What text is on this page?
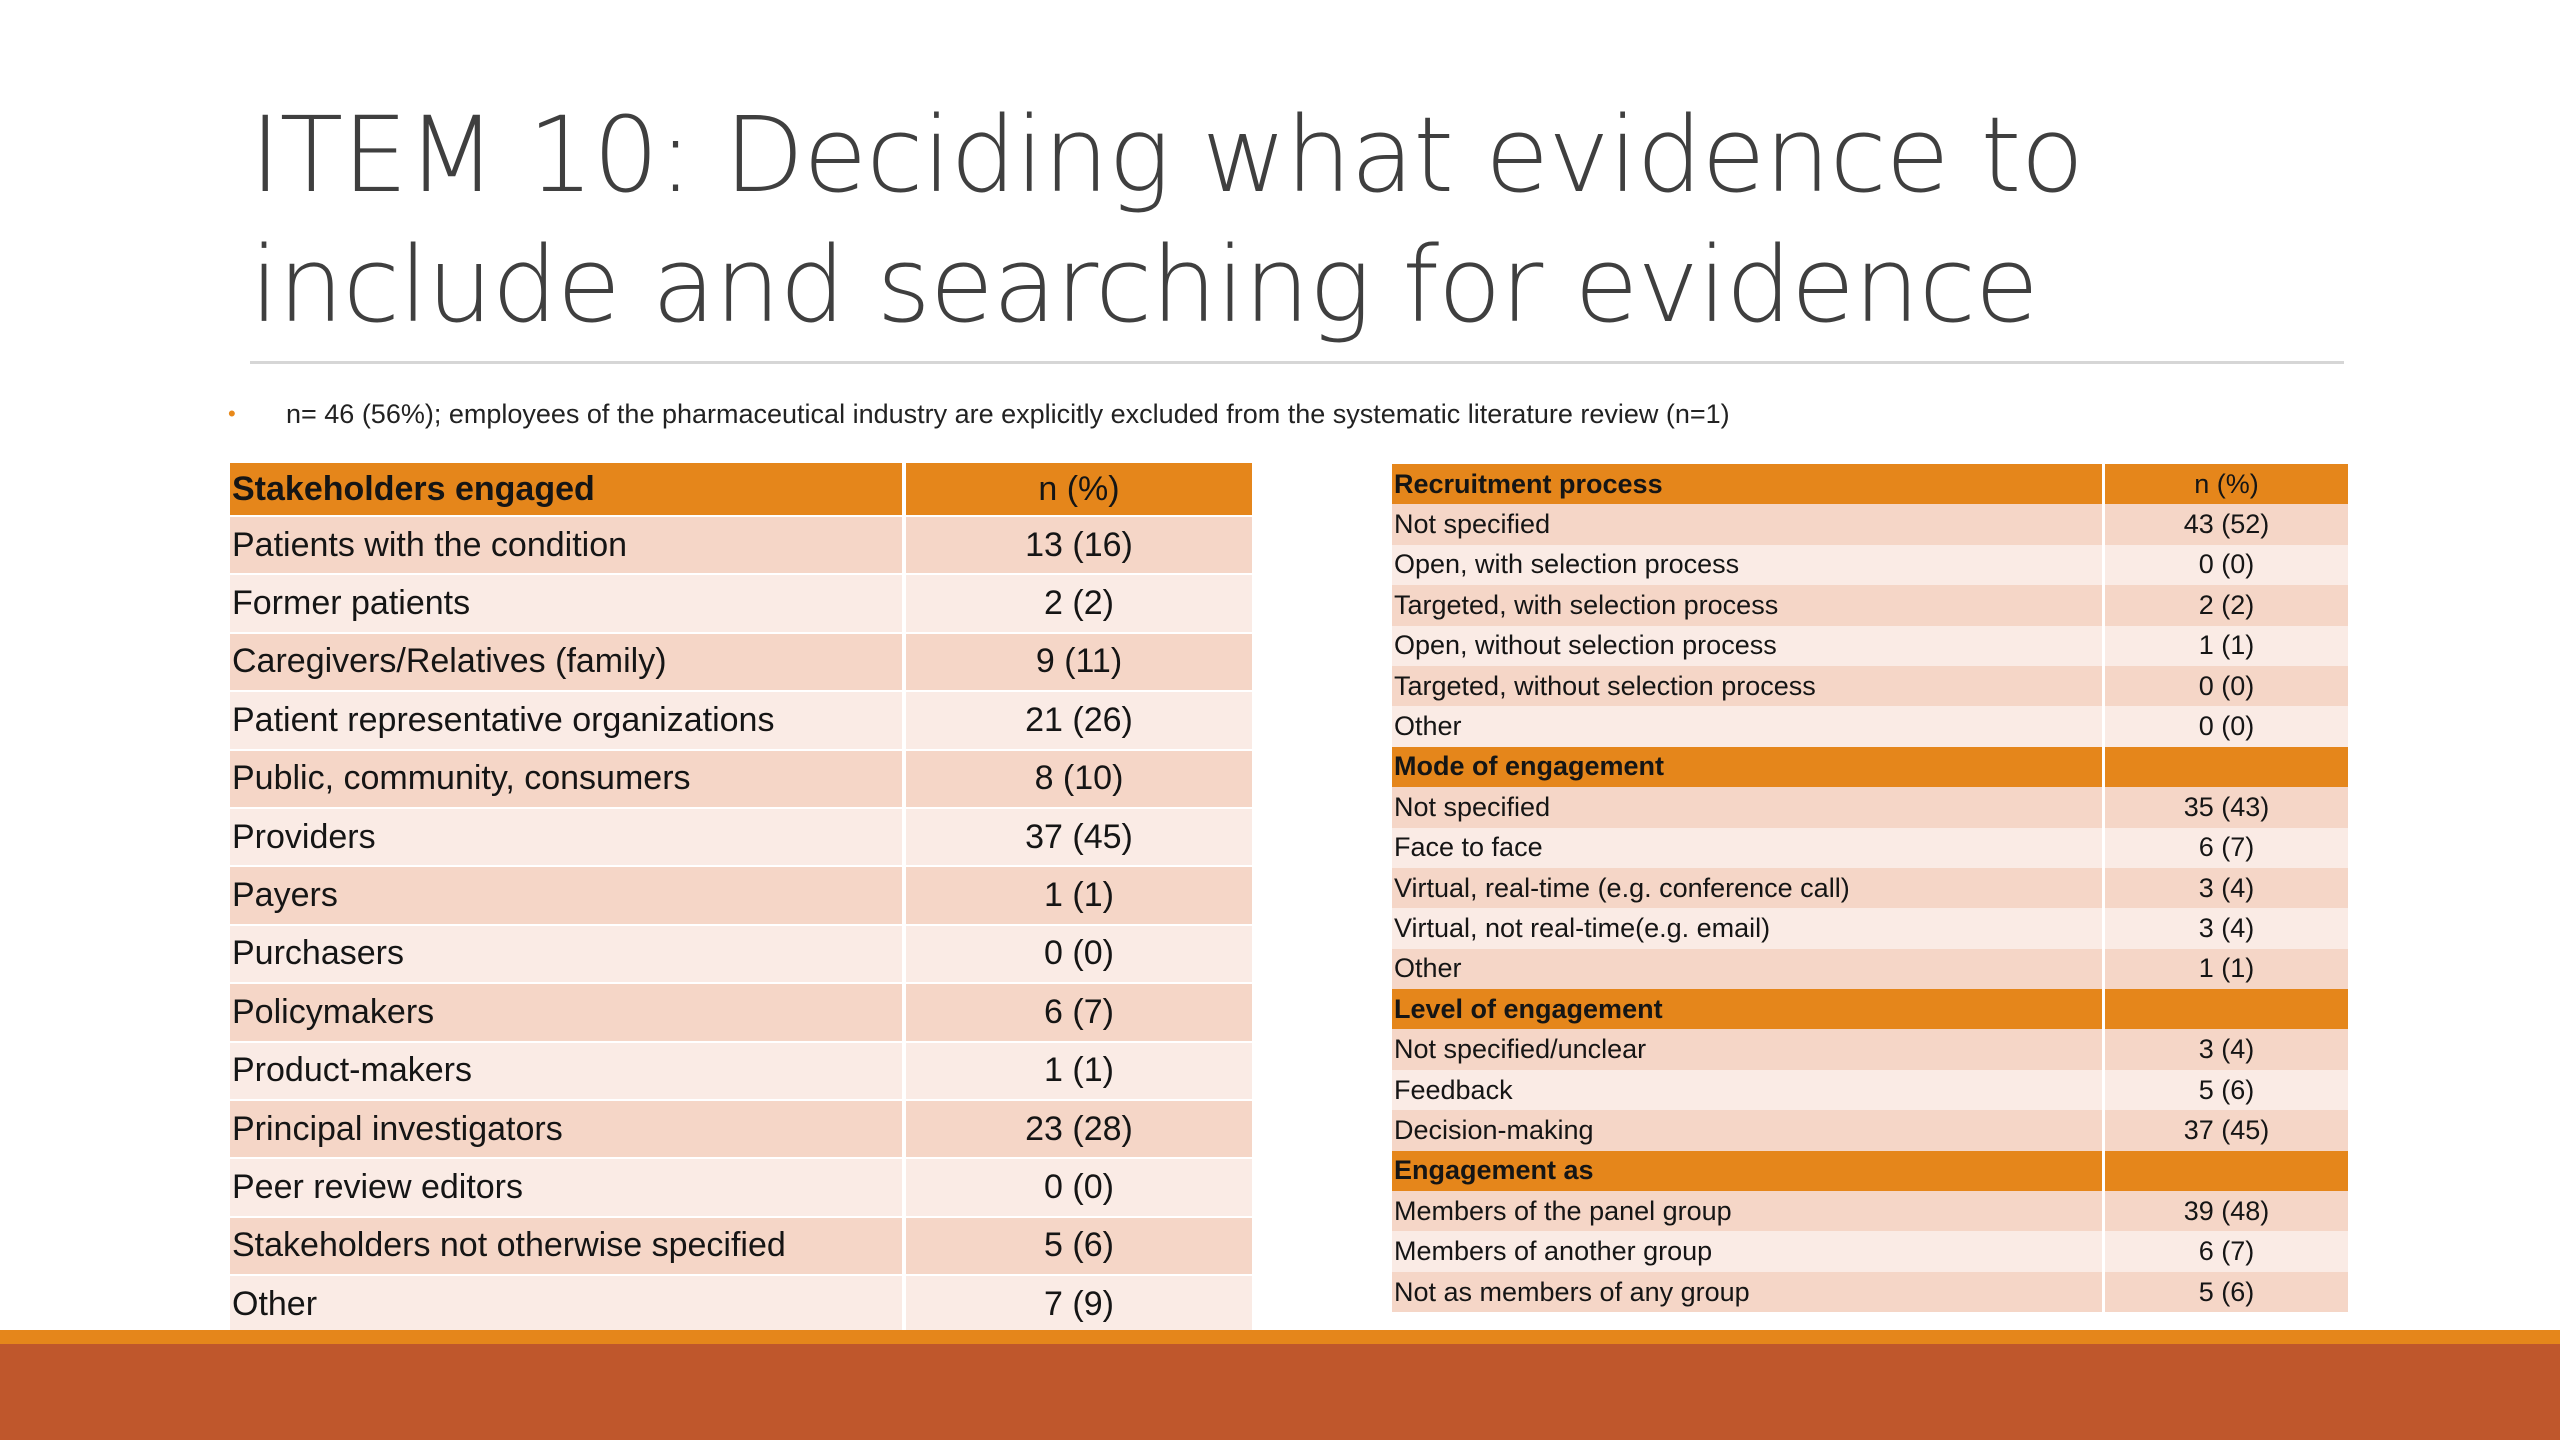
ITEM 10: Deciding what evidence to
include and searching for evidence
•	n= 46 (56%); employees of the pharmaceutical industry are explicitly excluded from the systematic literature review (n=1)
Stakeholders engaged	n (%)
Patients with the condition	13 (16)
Former patients	2 (2)
Caregivers/Relatives (family)	9 (11)
Patient representative organizations	21 (26)
Public, community, consumers	8 (10)
Providers	37 (45)
Payers	1 (1)
Purchasers	0 (0)
Policymakers	6 (7)
Product-makers	1 (1)
Principal investigators	23 (28)
Peer review editors	0 (0)
Stakeholders not otherwise specified	5 (6)
Other	7 (9)
Recruitment process	n (%)
Not specified	43 (52)
Open, with selection process	0 (0)
Targeted, with selection process	2 (2)
Open, without selection process	1 (1)
Targeted, without selection process	0 (0)
Other	0 (0)
Mode of engagement	
Not specified	35 (43)
Face to face	6 (7)
Virtual, real-time (e.g. conference call)	3 (4)
Virtual, not real-time(e.g. email)	3 (4)
Other	1 (1)
Level of engagement	
Not specified/unclear	3 (4)
Feedback	5 (6)
Decision-making	37 (45)
Engagement as	
Members of the panel group	39 (48)
Members of another group	6 (7)
Not as members of any group	5 (6)
